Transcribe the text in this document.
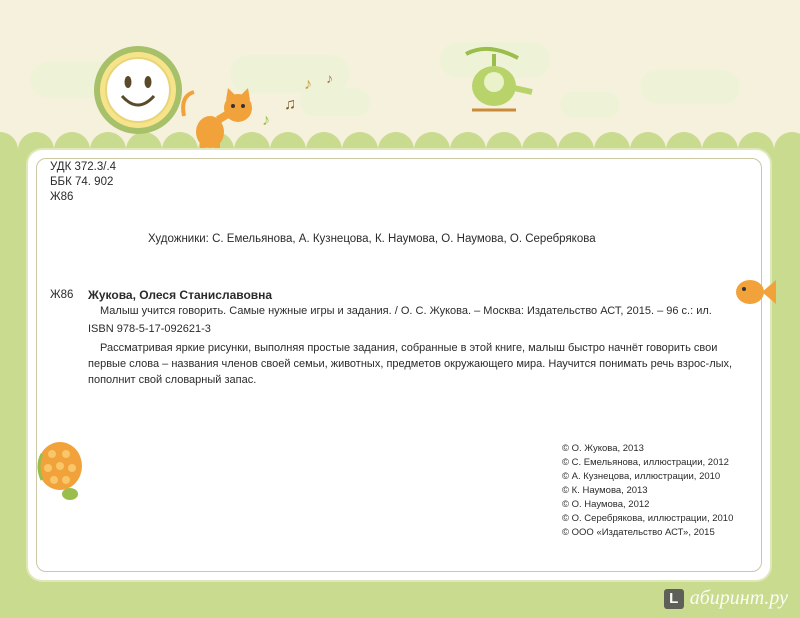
♪
♫
♪ ♪
УДК 372.3/.4
ББК 74. 902
Ж86
Художники: С. Емельянова, А. Кузнецова, К. Наумова, О. Наумова, О. Серебрякова
Ж86 Жукова, Олеся Станиславовна
Малыш учится говорить. Самые нужные игры и задания. / О. С. Жукова. – Москва: Издательство АСТ, 2015. – 96 с.: ил.
ISBN 978-5-17-092621-3
Рассматривая яркие рисунки, выполняя простые задания, собранные в этой книге, малыш быстро начнёт говорить свои первые слова – названия членов своей семьи, животных, предметов окружающего мира. Научится понимать речь взрос-лых, пополнит свой словарный запас.
© О. Жукова, 2013
© С. Емельянова, иллюстрации, 2012
© А. Кузнецова, иллюстрации, 2010
© К. Наумова, 2013
© О. Наумова, 2012
© О. Серебрякова, иллюстрации, 2010
© ООО «Издательство АСТ», 2015
L абиринт.ру
